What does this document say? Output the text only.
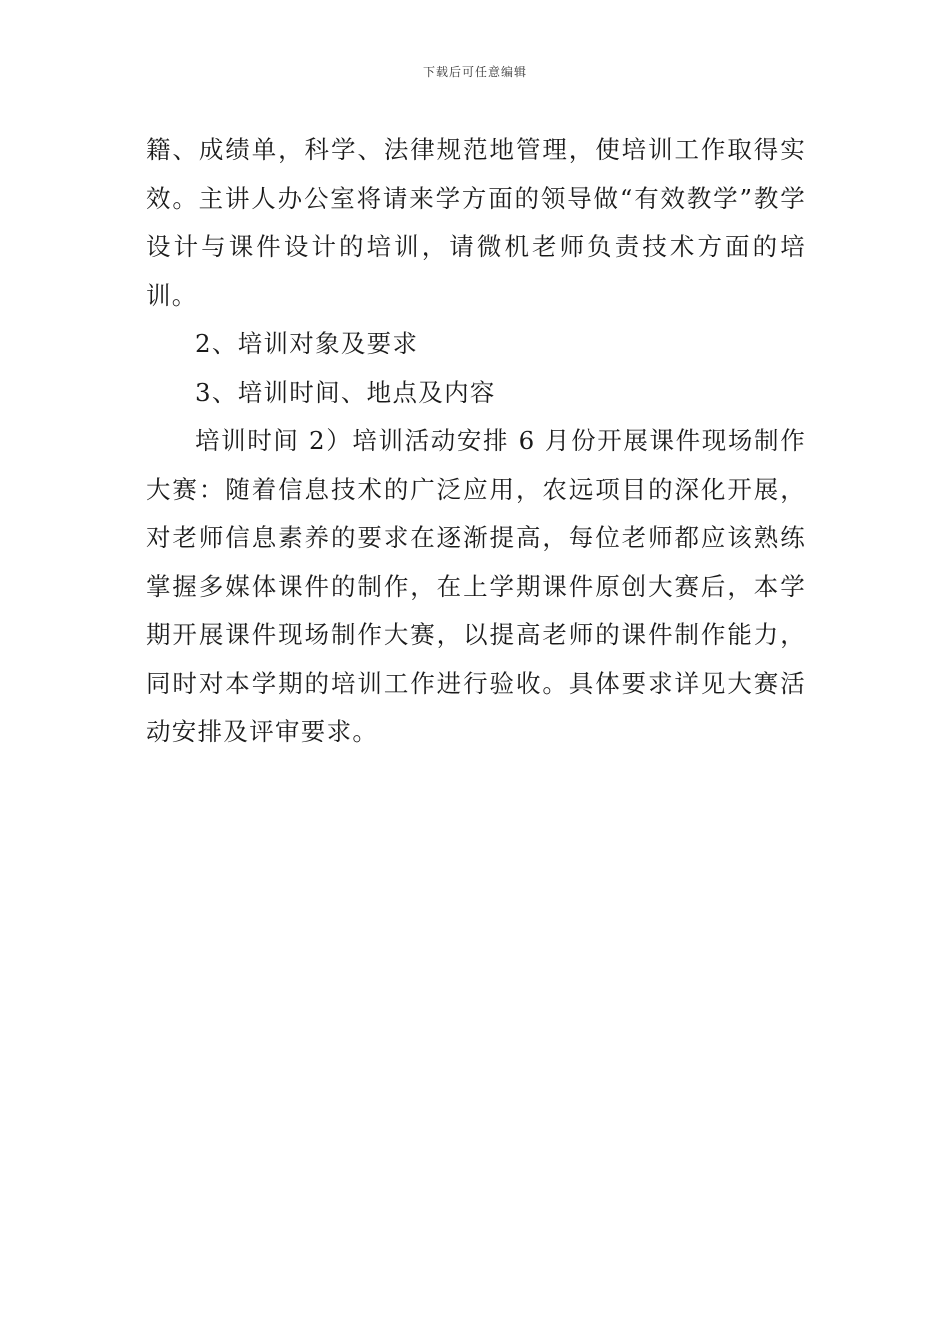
下载后可任意编辑

籍、成绩单，科学、法律规范地管理，使培训工作取得实效。主讲人办公室将请来学方面的领导做“有效教学”教学设计与课件设计的培训，请微机老师负责技术方面的培训。

2、培训对象及要求

3、培训时间、地点及内容

培训时间 2）培训活动安排 6 月份开展课件现场制作大赛：随着信息技术的广泛应用，农远项目的深化开展，对老师信息素养的要求在逐渐提高，每位老师都应该熟练掌握多媒体课件的制作，在上学期课件原创大赛后，本学期开展课件现场制作大赛，以提高老师的课件制作能力，同时对本学期的培训工作进行验收。具体要求详见大赛活动安排及评审要求。
